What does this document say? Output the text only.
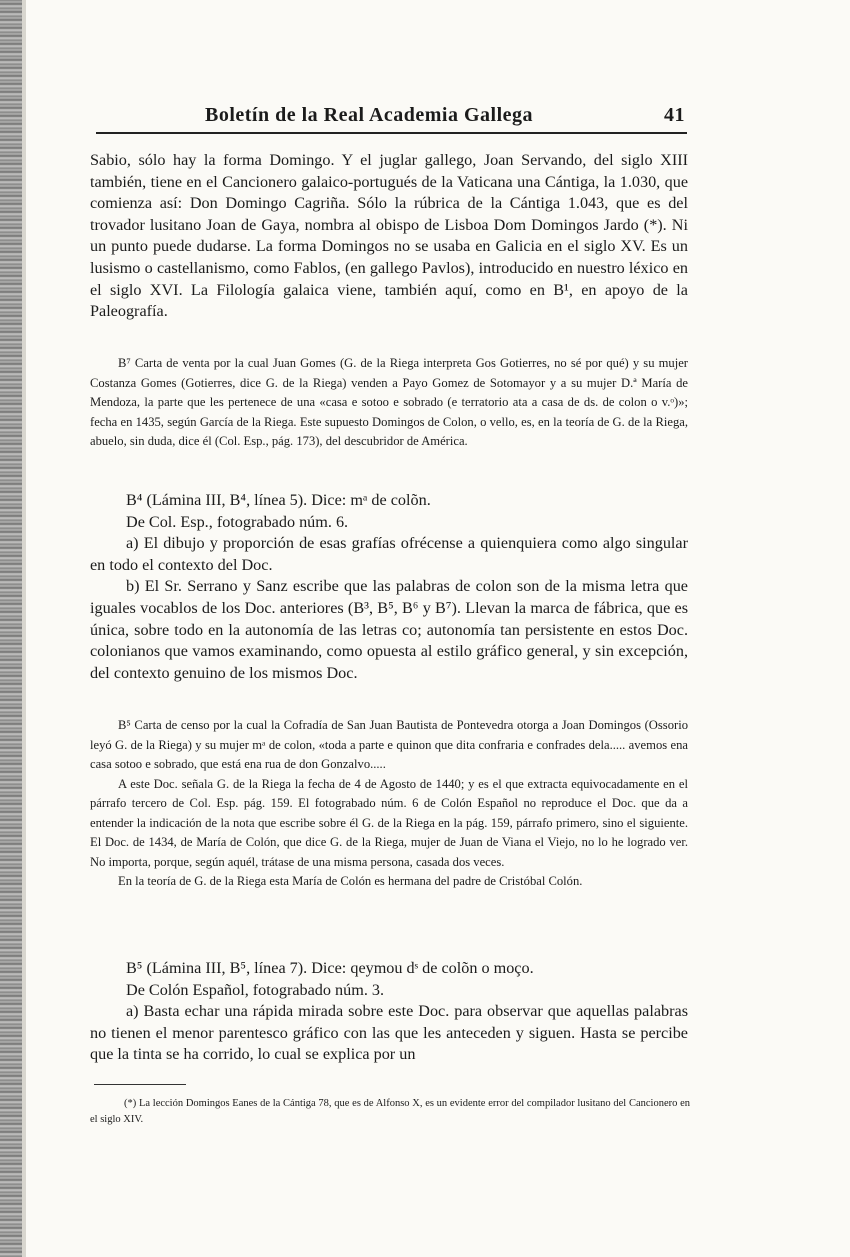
Boletín de la Real Academia Gallega	41

Sabio, sólo hay la forma Domingo. Y el juglar gallego, Joan Servando, del siglo XIII también, tiene en el Cancionero galaico-portugués de la Vaticana una Cántiga, la 1.030, que comienza así: Don Domingo Cagriña. Sólo la rúbrica de la Cántiga 1.043, que es del trovador lusitano Joan de Gaya, nombra al obispo de Lisboa Dom Domingos Jardo (*). Ni un punto puede dudarse. La forma Domingos no se usaba en Galicia en el siglo XV. Es un lusismo o castellanismo, como Fablos, (en gallego Pavlos), introducido en nuestro léxico en el siglo XVI. La Filología galaica viene, también aquí, como en B¹, en apoyo de la Paleografía.

B⁷ Carta de venta por la cual Juan Gomes (G. de la Riega interpreta Gos Gotierres, no sé por qué) y su mujer Costanza Gomes (Gotierres, dice G. de la Riega) venden a Payo Gomez de Sotomayor y a su mujer D.ª María de Mendoza, la parte que les pertenece de una «casa e sotoo e sobrado (e terratorio ata a casa de ds. de colon o v.ᵒ)»; fecha en 1435, según García de la Riega. Este supuesto Domingos de Colon, o vello, es, en la teoría de G. de la Riega, abuelo, sin duda, dice él (Col. Esp., pág. 173), del descubridor de América.

B⁴ (Lámina III, B⁴, línea 5). Dice: mᵃ de colõn.

De Col. Esp., fotograbado núm. 6.

a) El dibujo y proporción de esas grafías ofrécense a quienquiera como algo singular en todo el contexto del Doc.

b) El Sr. Serrano y Sanz escribe que las palabras de colon son de la misma letra que iguales vocablos de los Doc. anteriores (B³, B⁵, B⁶ y B⁷). Llevan la marca de fábrica, que es única, sobre todo en la autonomía de las letras co; autonomía tan persistente en estos Doc. colonianos que vamos examinando, como opuesta al estilo gráfico general, y sin excepción, del contexto genuino de los mismos Doc.

B⁵ Carta de censo por la cual la Cofradía de San Juan Bautista de Pontevedra otorga a Joan Domingos (Ossorio leyó G. de la Riega) y su mujer mᵃ de colon, «toda a parte e quinon que dita confraria e confrades dela..... avemos ena casa sotoo e sobrado, que está ena rua de don Gonzalvo.....

A este Doc. señala G. de la Riega la fecha de 4 de Agosto de 1440; y es el que extracta equivocadamente en el párrafo tercero de Col. Esp. pág. 159. El fotograbado núm. 6 de Colón Español no reproduce el Doc. que da a entender la indicación de la nota que escribe sobre él G. de la Riega en la pág. 159, párrafo primero, sino el siguiente. El Doc. de 1434, de María de Colón, que dice G. de la Riega, mujer de Juan de Viana el Viejo, no lo he logrado ver. No importa, porque, según aquél, trátase de una misma persona, casada dos veces.

En la teoría de G. de la Riega esta María de Colón es hermana del padre de Cristóbal Colón.

B⁵ (Lámina III, B⁵, línea 7). Dice: qeymou dˢ de colõn o moço.

De Colón Español, fotograbado núm. 3.

a) Basta echar una rápida mirada sobre este Doc. para observar que aquellas palabras no tienen el menor parentesco gráfico con las que les anteceden y siguen. Hasta se percibe que la tinta se ha corrido, lo cual se explica por un

(*) La lección Domingos Eanes de la Cántiga 78, que es de Alfonso X, es un evidente error del compilador lusitano del Cancionero en el siglo XIV.
